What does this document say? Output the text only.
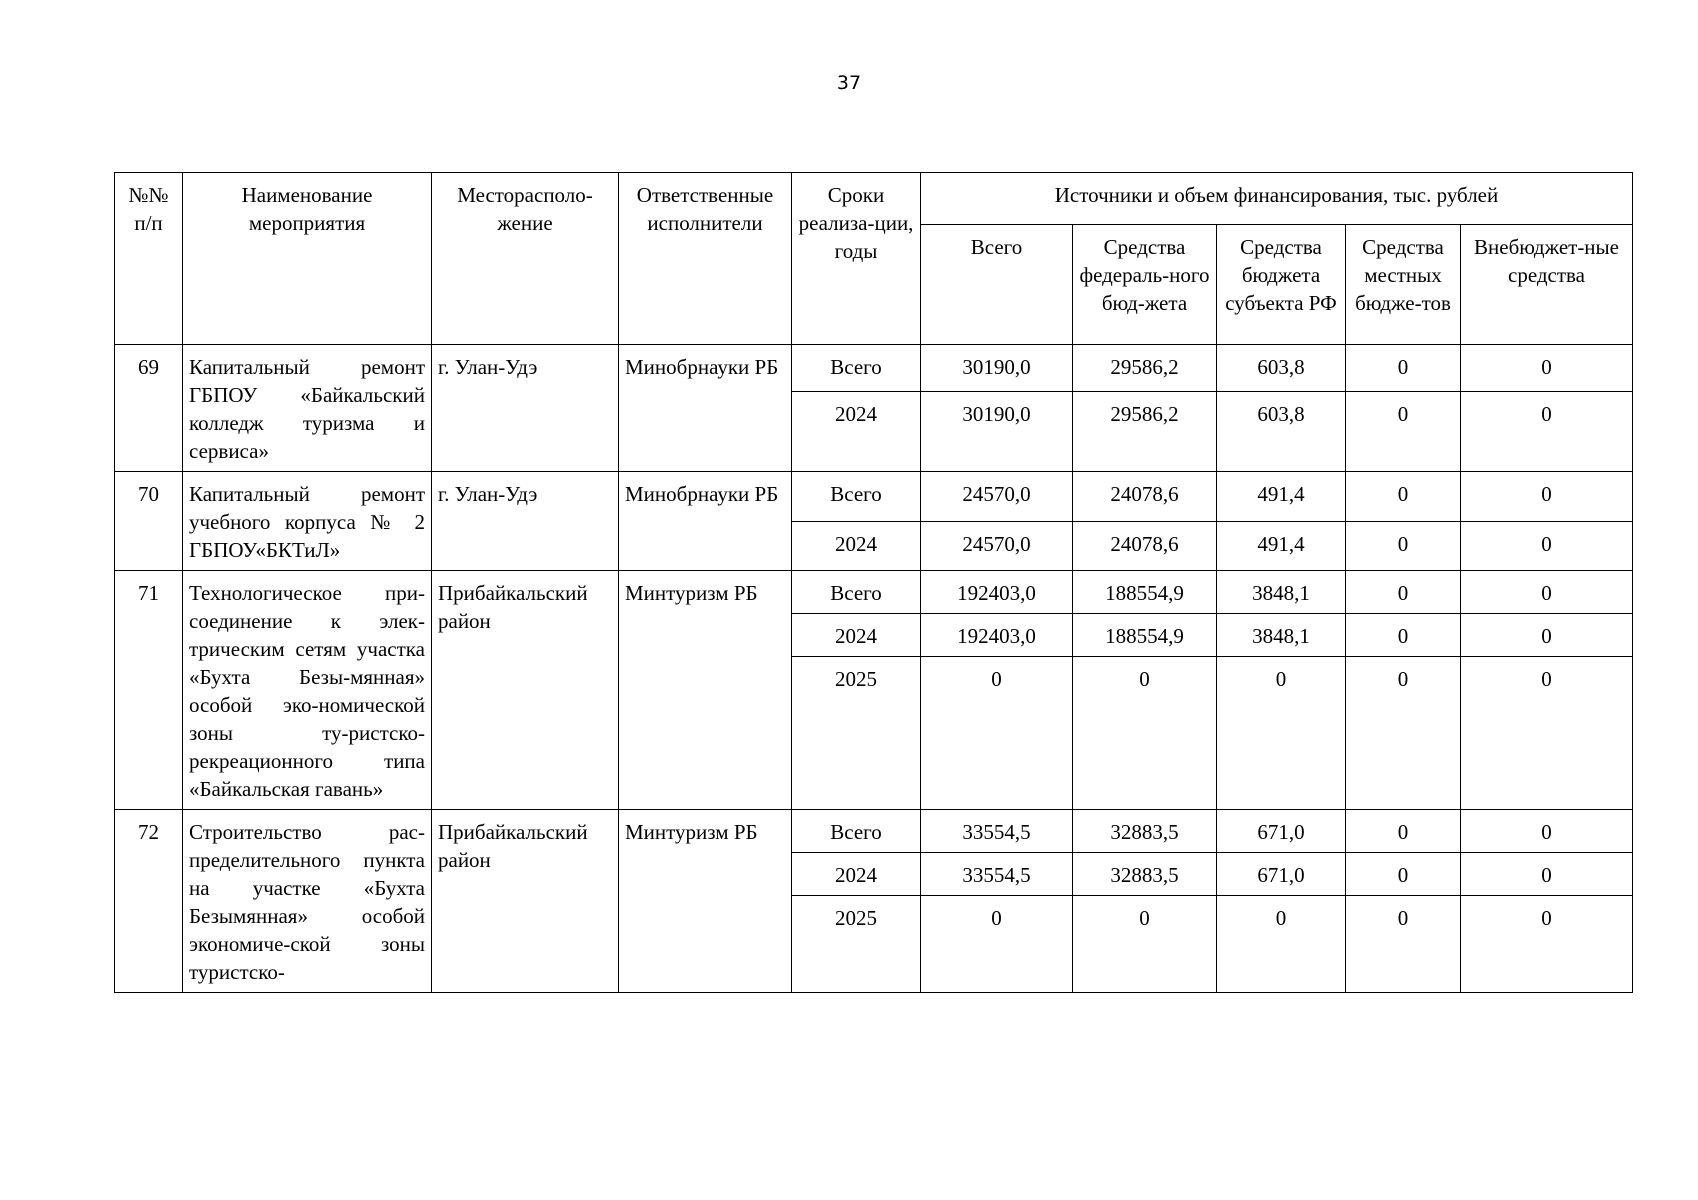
37
№№ п/п	Наименование мероприятия	Месторасполо-жение	Ответственные исполнители	Сроки реализа-ции, годы	Источники и объем финансирования, тыс. рублей				
					Всего	Средства федераль-ного бюд-жета	Средства бюджета субъекта РФ	Средства местных бюдже-тов	Внебюджет-ные средства
69	Капитальный ремонт ГБПОУ «Байкальский колледж туризма и сервиса»	г. Улан-Удэ	Минобрнауки РБ	Всего	30190,0	29586,2	603,8	0	0
				2024	30190,0	29586,2	603,8	0	0
70	Капитальный ремонт учебного корпуса № 2 ГБПОУ«БКТиЛ»	г. Улан-Удэ	Минобрнауки РБ	Всего	24570,0	24078,6	491,4	0	0
				2024	24570,0	24078,6	491,4	0	0
71	Технологическое при-соединение к элек-трическим сетям участка «Бухта Безы-мянная» особой эко-номической зоны ту-ристско-рекреационного типа «Байкальская гавань»	Прибайкальский район	Минтуризм РБ	Всего	192403,0	188554,9	3848,1	0	0
				2024	192403,0	188554,9	3848,1	0	0
				2025	0	0	0	0	0
72	Строительство рас-пределительного пункта на участке «Бухта Безымянная» особой экономиче-ской зоны туристско-	Прибайкальский район	Минтуризм РБ	Всего	33554,5	32883,5	671,0	0	0
				2024	33554,5	32883,5	671,0	0	0
				2025	0	0	0	0	0
